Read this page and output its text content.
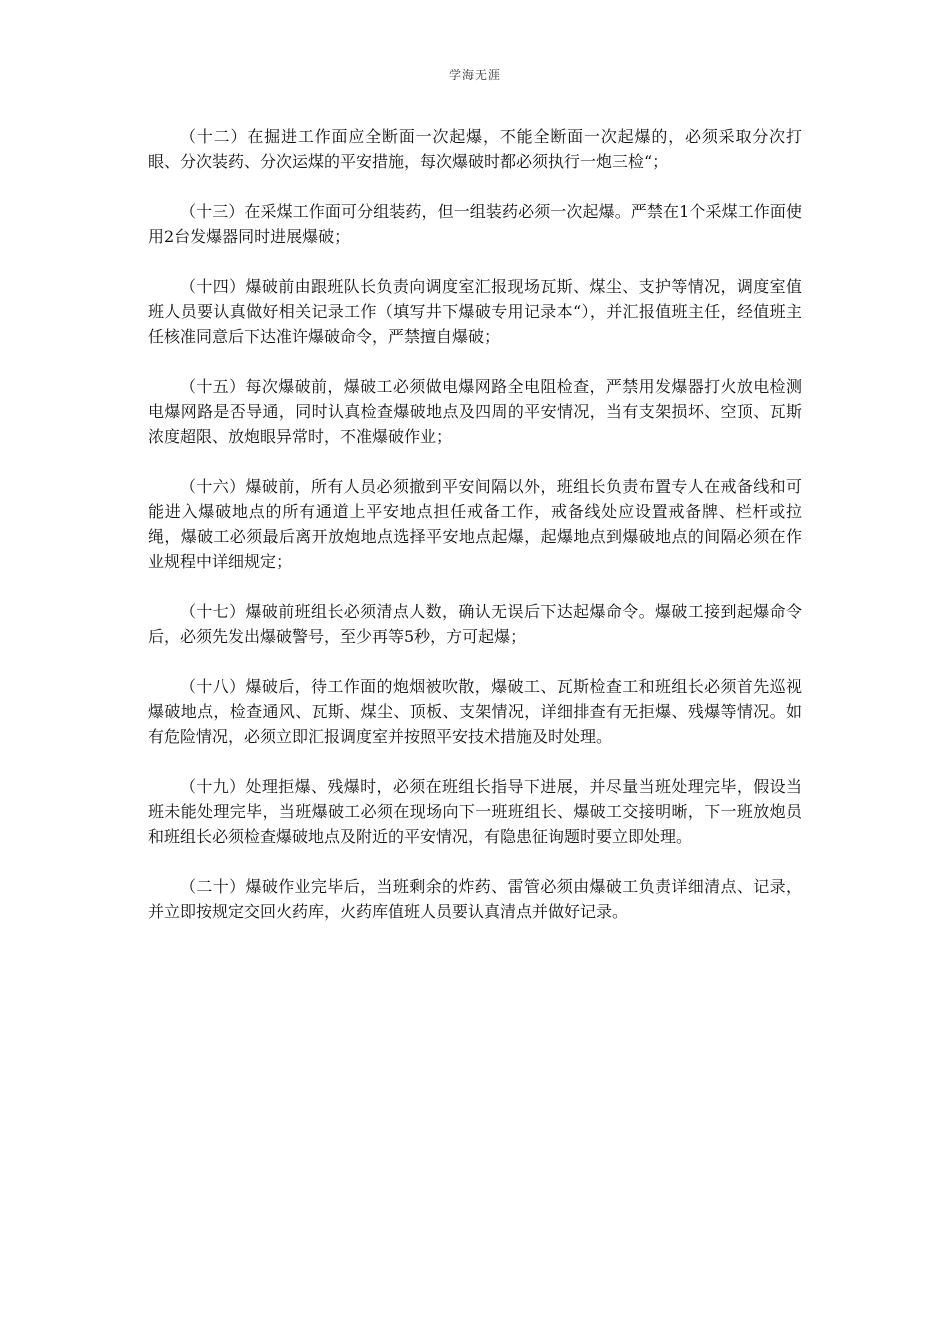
学海无涯

（十二）在掘进工作面应全断面一次起爆，不能全断面一次起爆的，必须采取分次打眼、分次装药、分次运煤的平安措施，每次爆破时都必须执行一炮三检“；

（十三）在采煤工作面可分组装药，但一组装药必须一次起爆。严禁在1个采煤工作面使用2台发爆器同时进展爆破；

（十四）爆破前由跟班队长负责向调度室汇报现场瓦斯、煤尘、支护等情况，调度室值班人员要认真做好相关记录工作（填写井下爆破专用记录本“），并汇报值班主任，经值班主任核准同意后下达准许爆破命令，严禁擅自爆破；

（十五）每次爆破前，爆破工必须做电爆网路全电阻检查，严禁用发爆器打火放电检测电爆网路是否导通，同时认真检查爆破地点及四周的平安情况，当有支架损坏、空顶、瓦斯浓度超限、放炮眼异常时，不准爆破作业；

（十六）爆破前，所有人员必须撤到平安间隔以外，班组长负责布置专人在戒备线和可能进入爆破地点的所有通道上平安地点担任戒备工作，戒备线处应设置戒备牌、栏杆或拉绳，爆破工必须最后离开放炮地点选择平安地点起爆，起爆地点到爆破地点的间隔必须在作业规程中详细规定；

（十七）爆破前班组长必须清点人数，确认无误后下达起爆命令。爆破工接到起爆命令后，必须先发出爆破警号，至少再等5秒，方可起爆；

（十八）爆破后，待工作面的炮烟被吹散，爆破工、瓦斯检查工和班组长必须首先巡视爆破地点，检查通风、瓦斯、煤尘、顶板、支架情况，详细排查有无拒爆、残爆等情况。如有危险情况，必须立即汇报调度室并按照平安技术措施及时处理。

（十九）处理拒爆、残爆时，必须在班组长指导下进展，并尽量当班处理完毕，假设当班未能处理完毕，当班爆破工必须在现场向下一班班组长、爆破工交接明晰，下一班放炮员和班组长必须检查爆破地点及附近的平安情况，有隐患征询题时要立即处理。

（二十）爆破作业完毕后，当班剩余的炸药、雷管必须由爆破工负责详细清点、记录，并立即按规定交回火药库，火药库值班人员要认真清点并做好记录。
